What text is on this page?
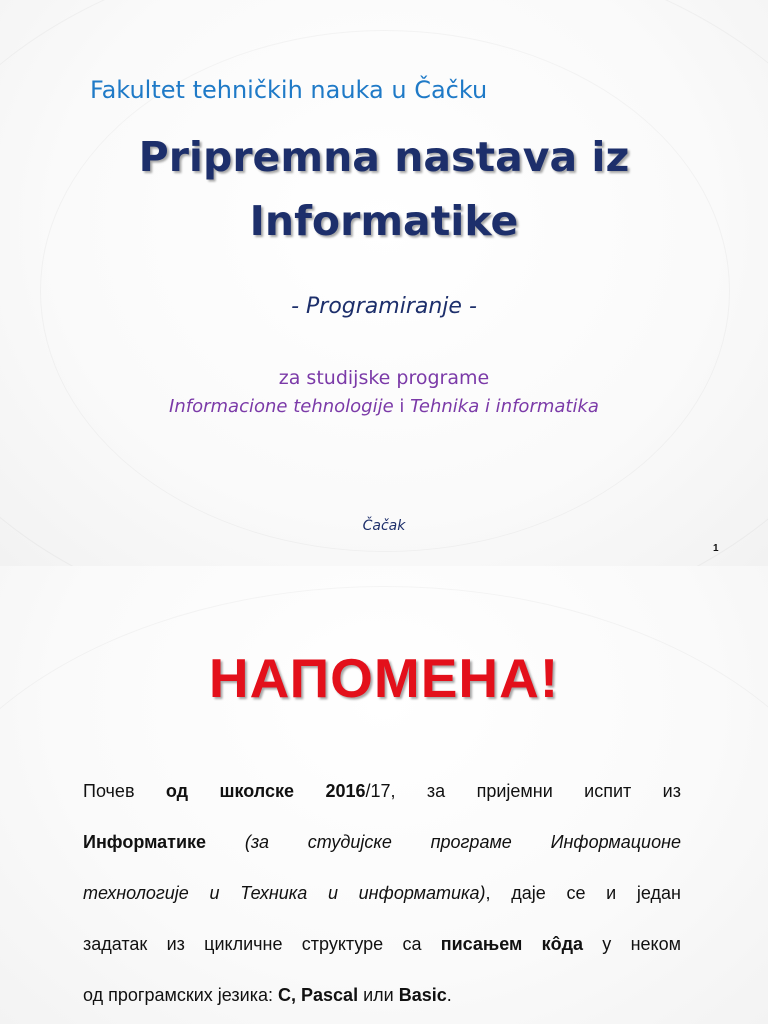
Fakultet tehničkih nauka u Čačku
Pripremna nastava iz
Informatike
- Programiranje -
za studijske programe
Informacione tehnologije i Tehnika i informatika
Čačak
1
НАПОМЕНА!
Почев од школске 2016/17, за пријемни испит из
Информатике (за студијске програме Информационе
технологије и Техника и информатика), даје се и један
задатак из цикличне структуре са писањем кôда у неком
од програмских језика: C, Pascal или Basic.
